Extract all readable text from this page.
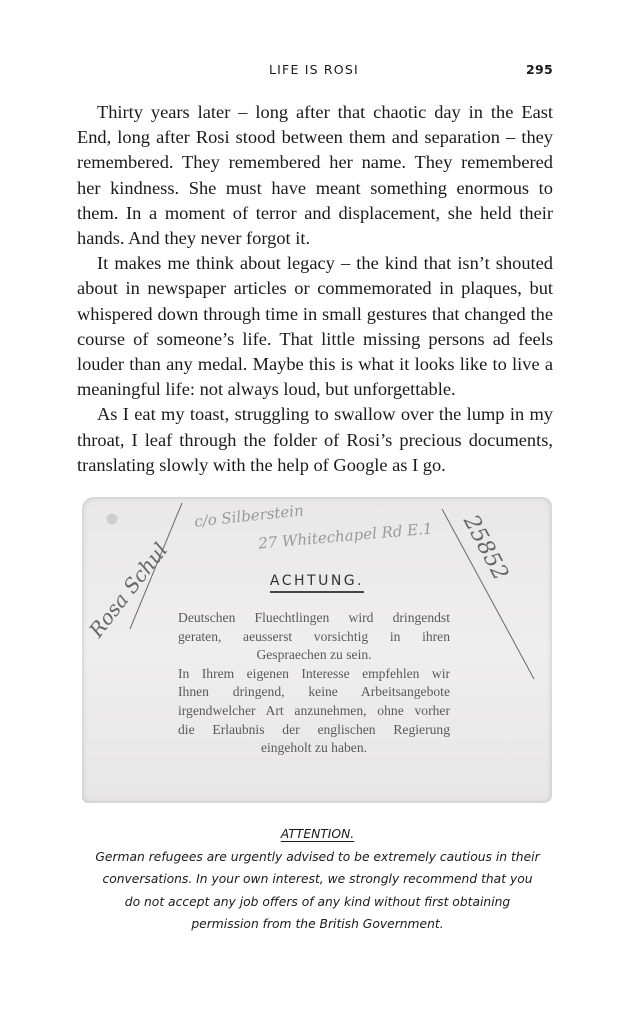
LIFE IS ROSI	295

Thirty years later – long after that chaotic day in the East End, long after Rosi stood between them and separation – they remembered. They remembered her name. They remembered her kindness. She must have meant something enormous to them. In a moment of terror and displacement, she held their hands. And they never forgot it.

It makes me think about legacy – the kind that isn’t shouted about in newspaper articles or commemorated in plaques, but whispered down through time in small gestures that changed the course of someone’s life. That little missing persons ad feels louder than any medal. Maybe this is what it looks like to live a meaningful life: not always loud, but unforgettable.

As I eat my toast, struggling to swallow over the lump in my throat, I leaf through the folder of Rosi’s precious documents, translating slowly with the help of Google as I go.

Rosa Schul
c/o Silberstein
27 Whitechapel Rd E.1 25852
ACHTUNG.
Deutschen Fluechtlingen wird dringendst
geraten, aeusserst vorsichtig in ihren
Gespraechen zu sein.
In Ihrem eigenen Interesse empfehlen wir
Ihnen dringend, keine Arbeitsangebote
irgendwelcher Art anzunehmen, ohne vorher
die Erlaubnis der englischen Regierung
eingeholt zu haben.
ATTENTION.
German refugees are urgently advised to be extremely cautious in their
conversations. In your own interest, we strongly recommend that you
do not accept any job offers of any kind without first obtaining
permission from the British Government.
